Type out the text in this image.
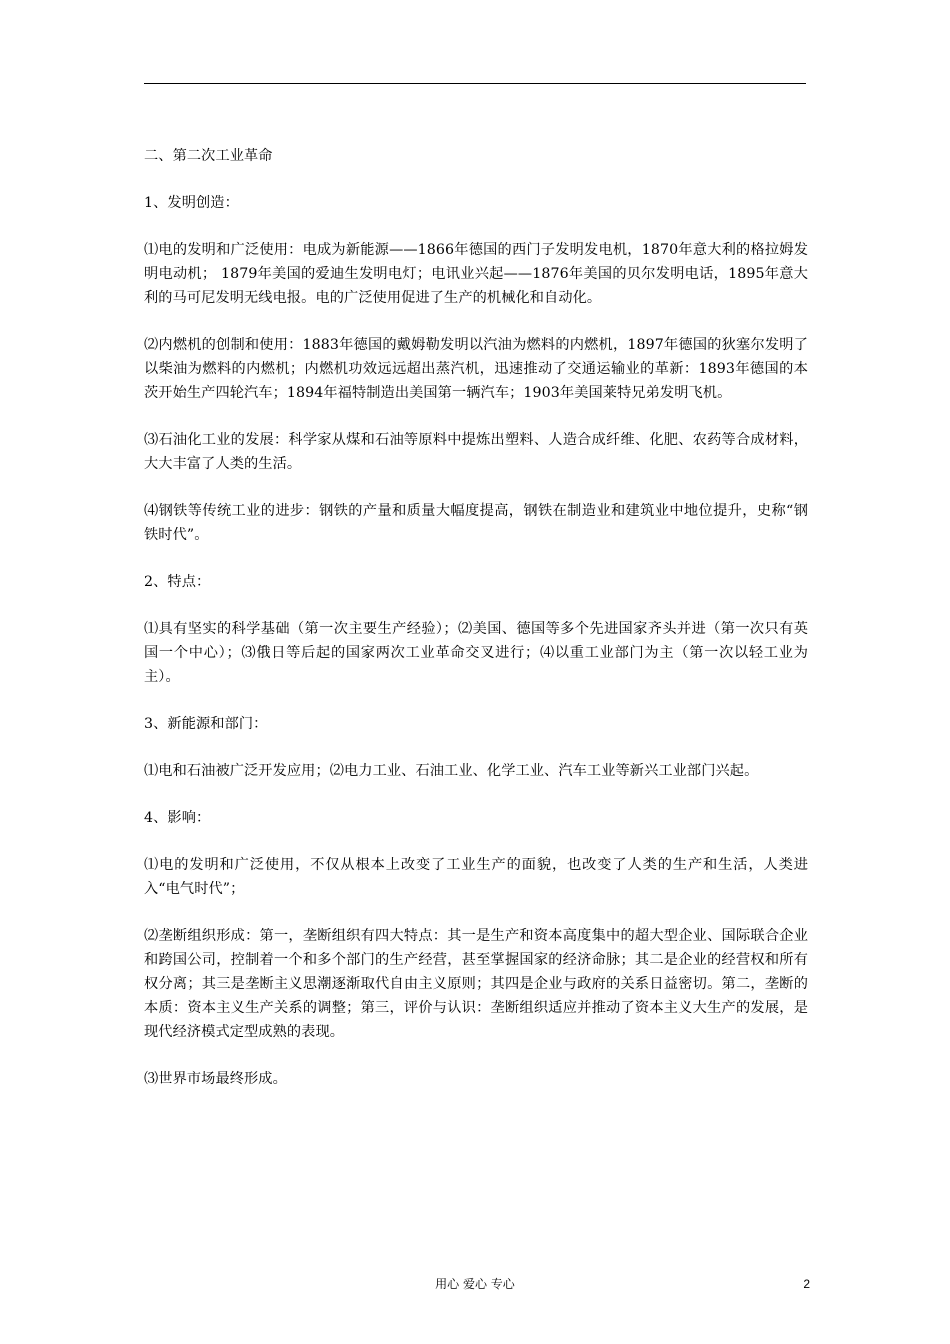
二、第二次工业革命

1、发明创造：

⑴电的发明和广泛使用：电成为新能源——1866年德国的西门子发明发电机，1870年意大利的格拉姆发明电动机； 1879年美国的爱迪生发明电灯；电讯业兴起——1876年美国的贝尔发明电话，1895年意大利的马可尼发明无线电报。电的广泛使用促进了生产的机械化和自动化。

⑵内燃机的创制和使用：1883年德国的戴姆勒发明以汽油为燃料的内燃机，1897年德国的狄塞尔发明了以柴油为燃料的内燃机；内燃机功效远远超出蒸汽机，迅速推动了交通运输业的革新：1893年德国的本茨开始生产四轮汽车；1894年福特制造出美国第一辆汽车；1903年美国莱特兄弟发明飞机。

⑶石油化工业的发展：科学家从煤和石油等原料中提炼出塑料、人造合成纤维、化肥、农药等合成材料，大大丰富了人类的生活。

⑷钢铁等传统工业的进步：钢铁的产量和质量大幅度提高，钢铁在制造业和建筑业中地位提升，史称“钢铁时代”。

2、特点：

⑴具有坚实的科学基础（第一次主要生产经验）；⑵美国、德国等多个先进国家齐头并进（第一次只有英国一个中心）；⑶俄日等后起的国家两次工业革命交叉进行；⑷以重工业部门为主（第一次以轻工业为主）。

3、新能源和部门：

⑴电和石油被广泛开发应用；⑵电力工业、石油工业、化学工业、汽车工业等新兴工业部门兴起。

4、影响：

⑴电的发明和广泛使用，不仅从根本上改变了工业生产的面貌，也改变了人类的生产和生活，人类进入“电气时代”；

⑵垄断组织形成：第一，垄断组织有四大特点：其一是生产和资本高度集中的超大型企业、国际联合企业和跨国公司，控制着一个和多个部门的生产经营，甚至掌握国家的经济命脉；其二是企业的经营权和所有权分离；其三是垄断主义思潮逐渐取代自由主义原则；其四是企业与政府的关系日益密切。第二，垄断的本质：资本主义生产关系的调整；第三，评价与认识：垄断组织适应并推动了资本主义大生产的发展，是现代经济模式定型成熟的表现。

⑶世界市场最终形成。

用心 爱心 专心	2
